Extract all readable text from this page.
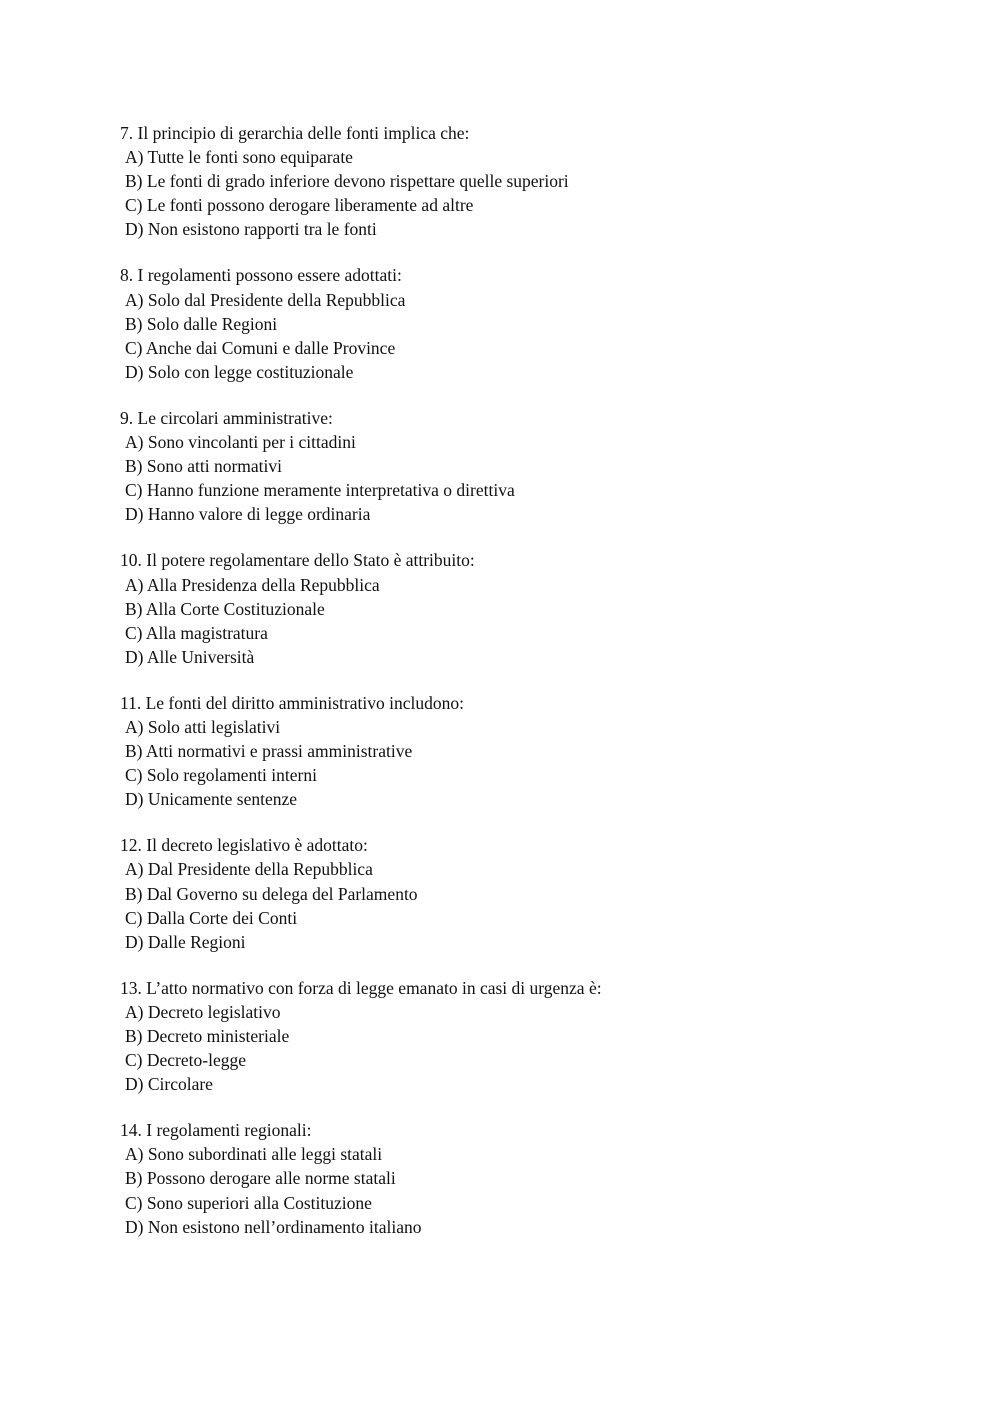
7. Il principio di gerarchia delle fonti implica che:
A) Tutte le fonti sono equiparate
B) Le fonti di grado inferiore devono rispettare quelle superiori
C) Le fonti possono derogare liberamente ad altre
D) Non esistono rapporti tra le fonti
8. I regolamenti possono essere adottati:
A) Solo dal Presidente della Repubblica
B) Solo dalle Regioni
C) Anche dai Comuni e dalle Province
D) Solo con legge costituzionale
9. Le circolari amministrative:
A) Sono vincolanti per i cittadini
B) Sono atti normativi
C) Hanno funzione meramente interpretativa o direttiva
D) Hanno valore di legge ordinaria
10. Il potere regolamentare dello Stato è attribuito:
A) Alla Presidenza della Repubblica
B) Alla Corte Costituzionale
C) Alla magistratura
D) Alle Università
11. Le fonti del diritto amministrativo includono:
A) Solo atti legislativi
B) Atti normativi e prassi amministrative
C) Solo regolamenti interni
D) Unicamente sentenze
12. Il decreto legislativo è adottato:
A) Dal Presidente della Repubblica
B) Dal Governo su delega del Parlamento
C) Dalla Corte dei Conti
D) Dalle Regioni
13. L’atto normativo con forza di legge emanato in casi di urgenza è:
A) Decreto legislativo
B) Decreto ministeriale
C) Decreto-legge
D) Circolare
14. I regolamenti regionali:
A) Sono subordinati alle leggi statali
B) Possono derogare alle norme statali
C) Sono superiori alla Costituzione
D) Non esistono nell’ordinamento italiano
